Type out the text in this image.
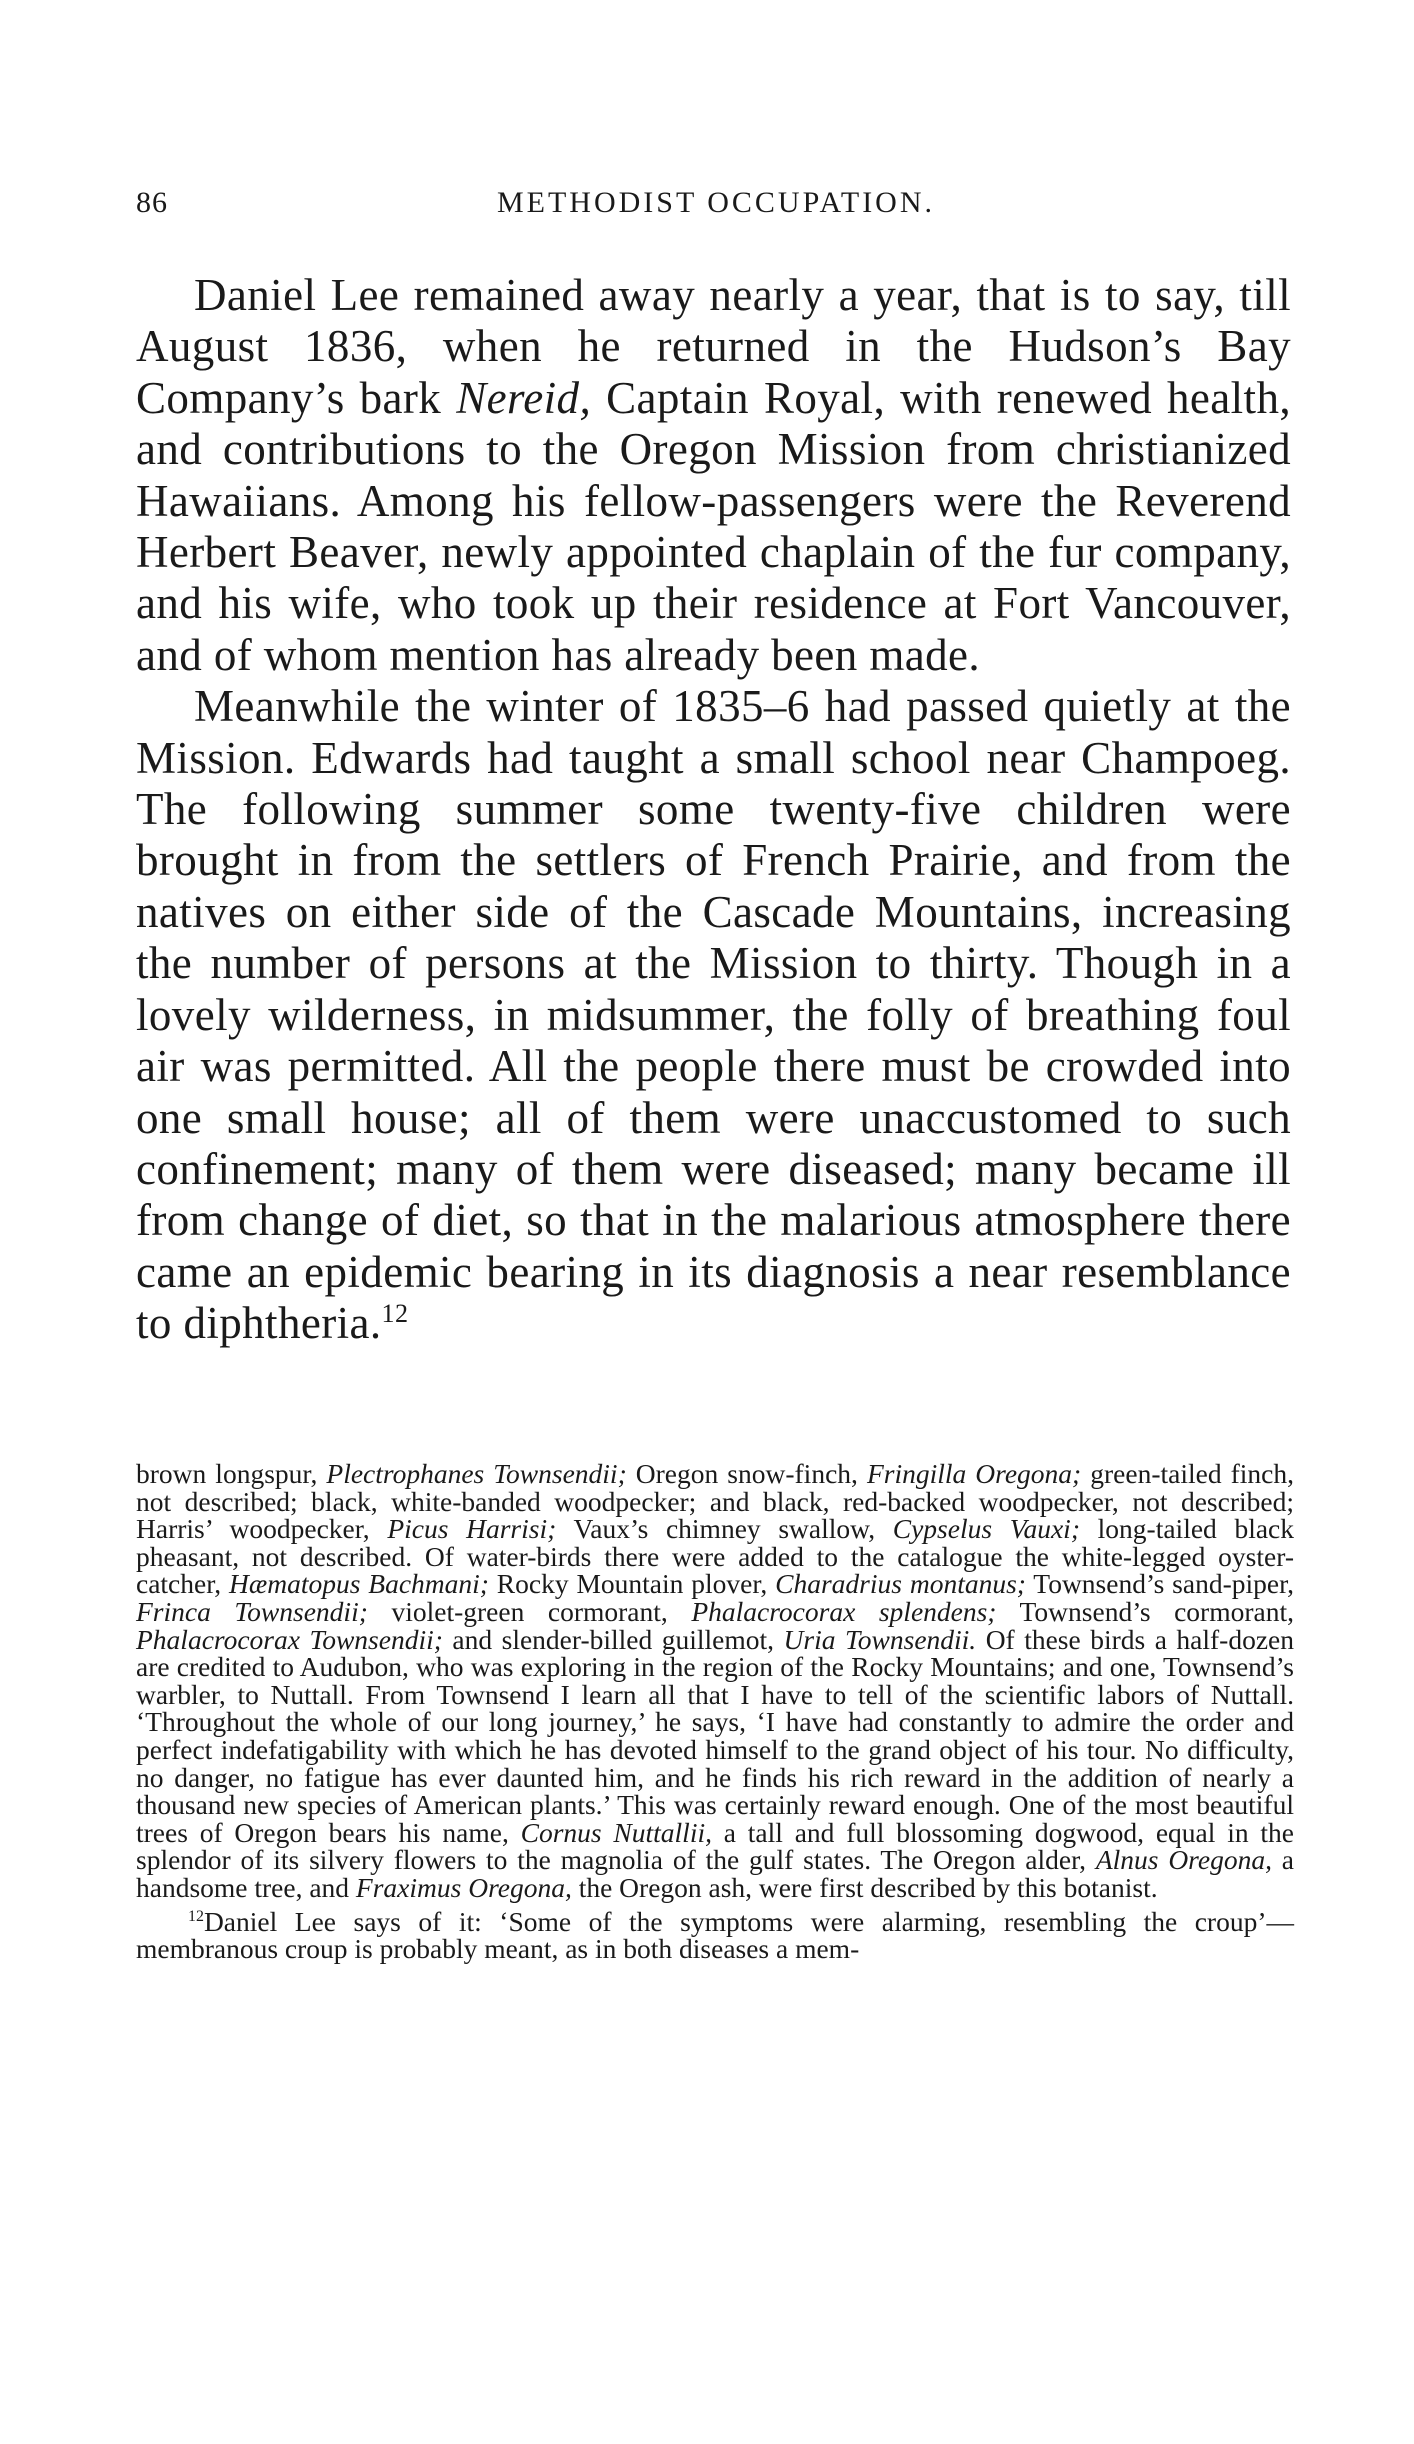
86	METHODIST OCCUPATION.

Daniel Lee remained away nearly a year, that is to say, till August 1836, when he returned in the Hudson’s Bay Company’s bark Nereid, Captain Royal, with renewed health, and contributions to the Oregon Mission from christianized Hawaiians. Among his fellow-passengers were the Reverend Herbert Beaver, newly appointed chaplain of the fur company, and his wife, who took up their residence at Fort Vancouver, and of whom mention has already been made.

Meanwhile the winter of 1835–6 had passed quietly at the Mission. Edwards had taught a small school near Champoeg. The following summer some twenty-five children were brought in from the settlers of French Prairie, and from the natives on either side of the Cascade Mountains, increasing the number of persons at the Mission to thirty. Though in a lovely wilderness, in midsummer, the folly of breathing foul air was permitted. All the people there must be crowded into one small house; all of them were unaccustomed to such confinement; many of them were diseased; many became ill from change of diet, so that in the malarious atmosphere there came an epidemic bearing in its diagnosis a near resemblance to diphtheria.$^{12}$

brown longspur, Plectrophanes Townsendii; Oregon snow-finch, Fringilla Oregona; green-tailed finch, not described; black, white-banded woodpecker; and black, red-backed woodpecker, not described; Harris’ woodpecker, Picus Harrisi; Vaux’s chimney swallow, Cypselus Vauxi; long-tailed black pheasant, not described. Of water-birds there were added to the catalogue the white-legged oyster-catcher, Hæmatopus Bachmani; Rocky Mountain plover, Charadrius montanus; Townsend’s sand-piper, Frinca Townsendii; violet-green cormorant, Phalacrocorax splendens; Townsend’s cormorant, Phalacrocorax Townsendii; and slender-billed guillemot, Uria Townsendii. Of these birds a half-dozen are credited to Audubon, who was exploring in the region of the Rocky Mountains; and one, Townsend’s warbler, to Nuttall. From Townsend I learn all that I have to tell of the scientific labors of Nuttall. ‘Throughout the whole of our long journey,’ he says, ‘I have had constantly to admire the order and perfect indefatigability with which he has devoted himself to the grand object of his tour. No difficulty, no danger, no fatigue has ever daunted him, and he finds his rich reward in the addition of nearly a thousand new species of American plants.’ This was certainly reward enough. One of the most beautiful trees of Oregon bears his name, Cornus Nuttallii, a tall and full blossoming dogwood, equal in the splendor of its silvery flowers to the magnolia of the gulf states. The Oregon alder, Alnus Oregona, a handsome tree, and Fraximus Oregona, the Oregon ash, were first described by this botanist.

$^{12}$Daniel Lee says of it: ‘Some of the symptoms were alarming, resembling the croup’—membranous croup is probably meant, as in both diseases a mem-
